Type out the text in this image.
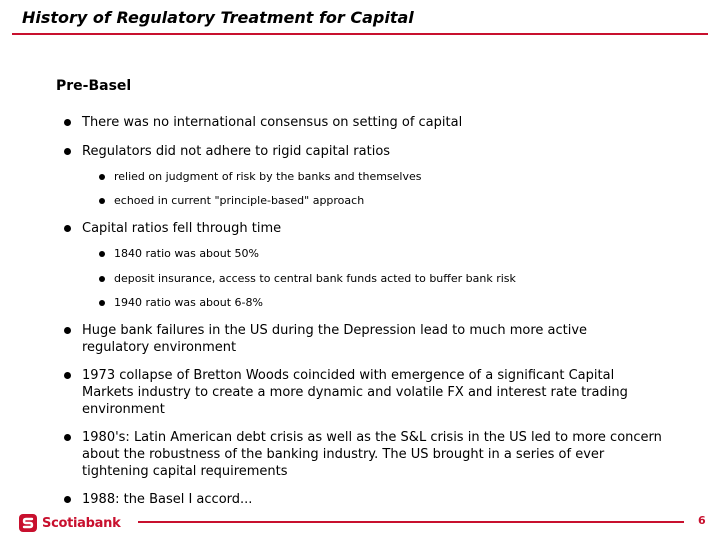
History of Regulatory Treatment for Capital
Pre-Basel
There was no international consensus on setting of capital
Regulators did not adhere to rigid capital ratios
relied on judgment of risk by the banks and themselves
echoed in current "principle-based" approach
Capital ratios fell through time
1840 ratio was about 50%
deposit insurance, access to central bank funds acted to buffer bank risk
1940 ratio was about 6-8%
Huge bank failures in the US during the Depression lead to much more active regulatory environment
1973 collapse of Bretton Woods coincided with emergence of a significant Capital Markets industry to create a more dynamic and volatile FX and interest rate trading environment
1980's: Latin American debt crisis as well as the S&L crisis in the US led to more concern about the robustness of the banking industry. The US brought in a series of ever tightening capital requirements
1988: the Basel I accord...
Scotiabank	6
